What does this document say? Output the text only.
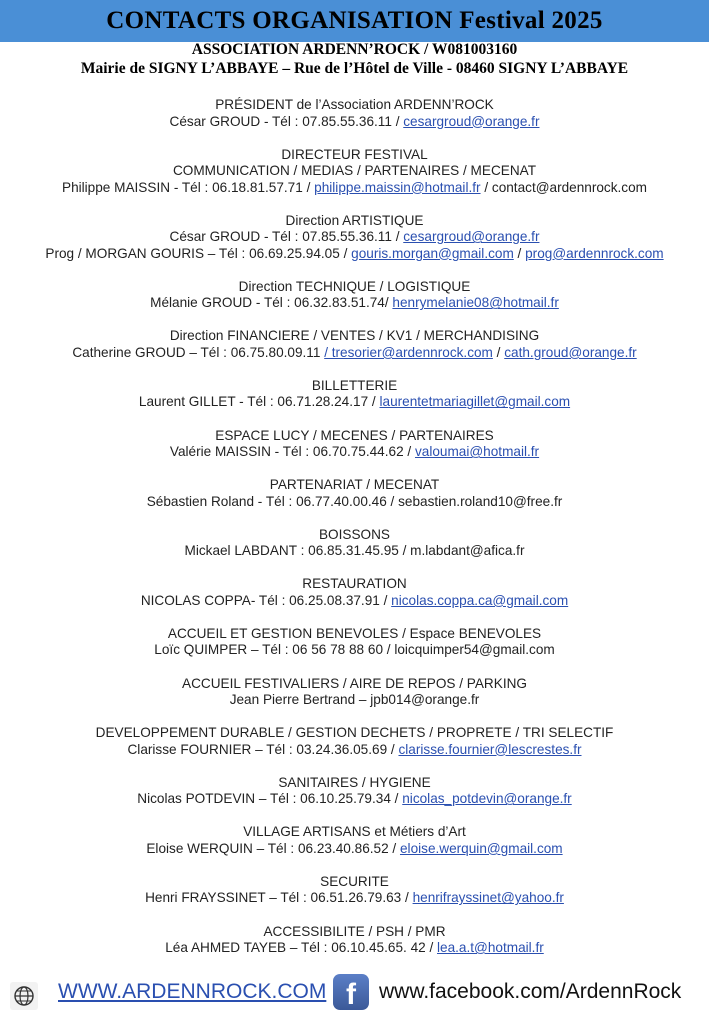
CONTACTS ORGANISATION Festival 2025
ASSOCIATION ARDENN’ROCK / W081003160
Mairie de SIGNY L’ABBAYE – Rue de l’Hôtel de Ville - 08460 SIGNY L’ABBAYE
PRÉSIDENT de l’Association ARDENN’ROCK
César GROUD - Tél : 07.85.55.36.11 / cesargroud@orange.fr
DIRECTEUR FESTIVAL
COMMUNICATION / MEDIAS / PARTENAIRES / MECENAT
Philippe MAISSIN - Tél : 06.18.81.57.71 / philippe.maissin@hotmail.fr / contact@ardennrock.com
Direction ARTISTIQUE
César GROUD - Tél : 07.85.55.36.11 / cesargroud@orange.fr
Prog / MORGAN GOURIS – Tél : 06.69.25.94.05 / gouris.morgan@gmail.com / prog@ardennrock.com
Direction TECHNIQUE / LOGISTIQUE
Mélanie GROUD - Tél : 06.32.83.51.74/ henrymelanie08@hotmail.fr
Direction FINANCIERE / VENTES / KV1 / MERCHANDISING
Catherine GROUD – Tél : 06.75.80.09.11 / tresorier@ardennrock.com / cath.groud@orange.fr
BILLETTERIE
Laurent GILLET - Tél : 06.71.28.24.17 / laurentetmariagillet@gmail.com
ESPACE LUCY / MECENES / PARTENAIRES
Valérie MAISSIN - Tél : 06.70.75.44.62 / valoumai@hotmail.fr
PARTENARIAT / MECENAT
Sébastien Roland - Tél : 06.77.40.00.46 / sebastien.roland10@free.fr
BOISSONS
Mickael LABDANT : 06.85.31.45.95 / m.labdant@afica.fr
RESTAURATION
NICOLAS COPPA- Tél : 06.25.08.37.91 / nicolas.coppa.ca@gmail.com
ACCUEIL ET GESTION BENEVOLES / Espace BENEVOLES
Loïc QUIMPER – Tél : 06 56 78 88 60 / loicquimper54@gmail.com
ACCUEIL FESTIVALIERS / AIRE DE REPOS / PARKING
Jean Pierre Bertrand – jpb014@orange.fr
DEVELOPPEMENT DURABLE / GESTION DECHETS / PROPRETE / TRI SELECTIF
Clarisse FOURNIER – Tél : 03.24.36.05.69 / clarisse.fournier@lescrestes.fr
SANITAIRES / HYGIENE
Nicolas POTDEVIN – Tél : 06.10.25.79.34 / nicolas_potdevin@orange.fr
VILLAGE ARTISANS et Métiers d’Art
Eloise WERQUIN – Tél : 06.23.40.86.52 / eloise.werquin@gmail.com
SECURITE
Henri FRAYSSINET – Tél : 06.51.26.79.63 / henrifrayssinet@yahoo.fr
ACCESSIBILITE / PSH / PMR
Léa AHMED TAYEB – Tél : 06.10.45.65. 42 / lea.a.t@hotmail.fr
WWW.ARDENNROCK.COM f	www.facebook.com/ArdennRock
